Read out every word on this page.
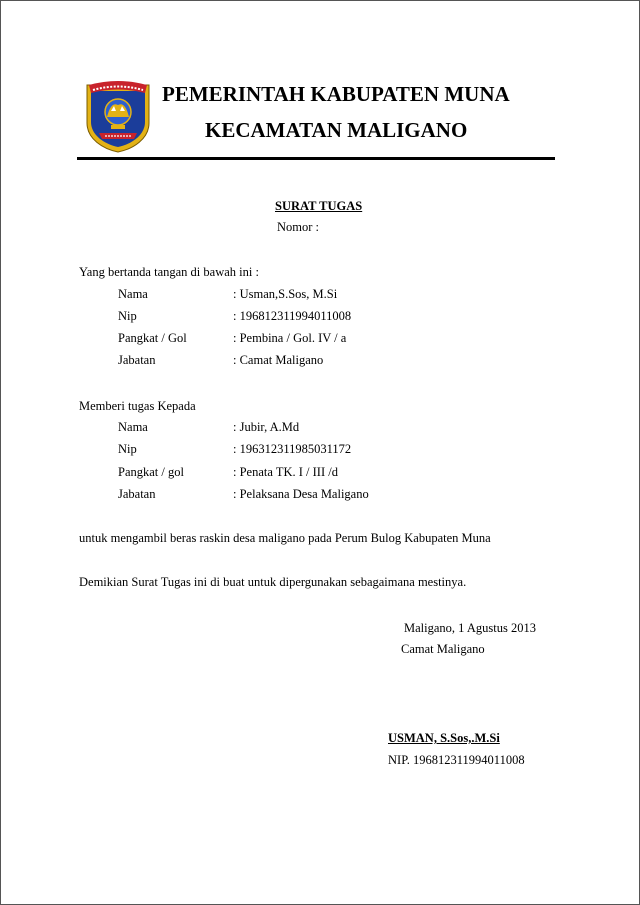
PEMERINTAH KABUPATEN MUNA
KECAMATAN MALIGANO
SURAT TUGAS
Nomor :
Yang bertanda tangan di bawah ini :
Nama	: Usman,S.Sos, M.Si
Nip	: 196812311994011008
Pangkat / Gol	: Pembina / Gol. IV / a
Jabatan	: Camat Maligano
Memberi tugas Kepada
Nama	: Jubir, A.Md
Nip	: 196312311985031172
Pangkat / gol	: Penata TK. I / III /d
Jabatan	: Pelaksana Desa Maligano
untuk mengambil beras raskin desa maligano pada Perum Bulog Kabupaten Muna
Demikian Surat Tugas ini di buat untuk dipergunakan sebagaimana mestinya.
Maligano, 1 Agustus 2013
Camat Maligano
USMAN, S.Sos,.M.Si
NIP. 196812311994011008
